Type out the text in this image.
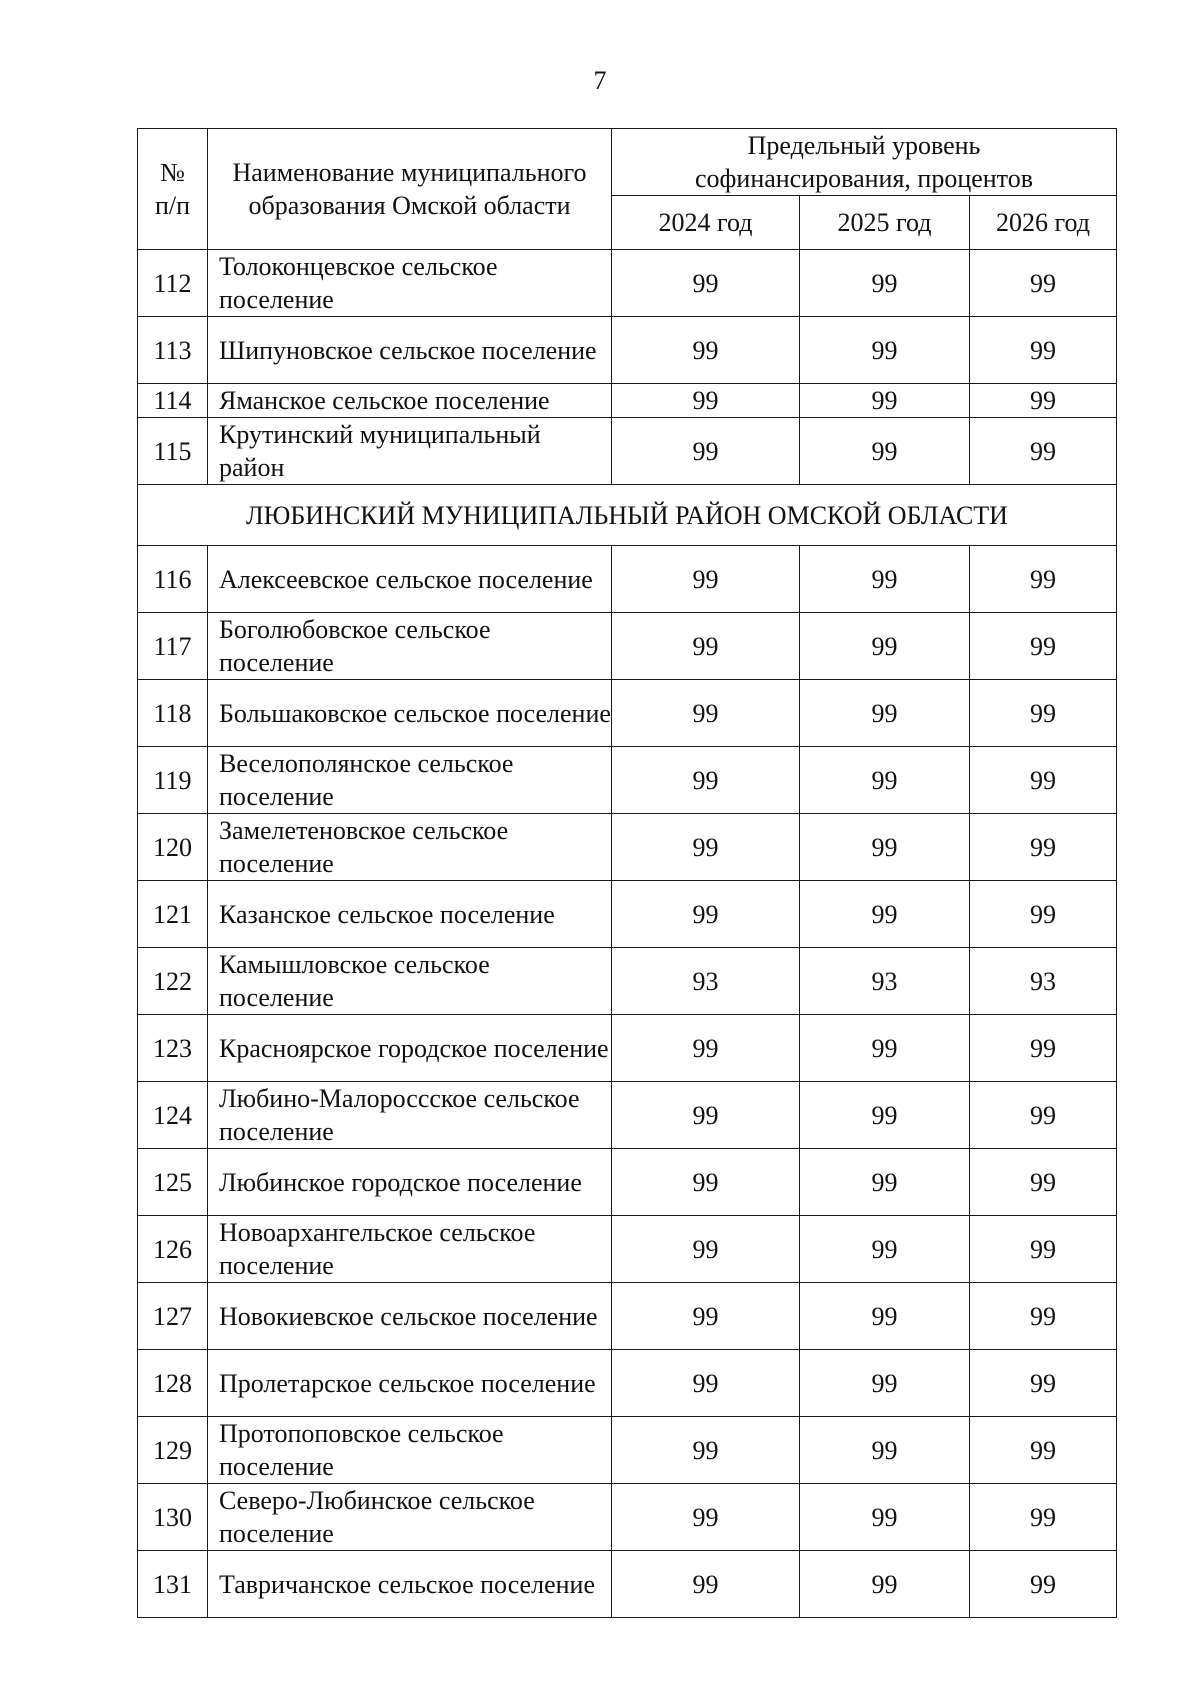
7
№ п/п	Наименование муниципального образования Омской области	Предельный уровень софинансирования, процентов		
		2024 год	2025 год	2026 год
112	Толоконцевское сельское поселение	99	99	99
113	Шипуновское сельское поселение	99	99	99
114	Яманское сельское поселение	99	99	99
115	Крутинский муниципальный район	99	99	99
ЛЮБИНСКИЙ МУНИЦИПАЛЬНЫЙ РАЙОН ОМСКОЙ ОБЛАСТИ				
116	Алексеевское сельское поселение	99	99	99
117	Боголюбовское сельское поселение	99	99	99
118	Большаковское сельское поселение	99	99	99
119	Веселополянское сельское поселение	99	99	99
120	Замелетеновское сельское поселение	99	99	99
121	Казанское сельское поселение	99	99	99
122	Камышловское сельское поселение	93	93	93
123	Красноярское городское поселение	99	99	99
124	Любино-Малороссское сельское поселение	99	99	99
125	Любинское городское поселение	99	99	99
126	Новоархангельское сельское поселение	99	99	99
127	Новокиевское сельское поселение	99	99	99
128	Пролетарское сельское поселение	99	99	99
129	Протопоповское сельское поселение	99	99	99
130	Северо-Любинское сельское поселение	99	99	99
131	Тавричанское сельское поселение	99	99	99
